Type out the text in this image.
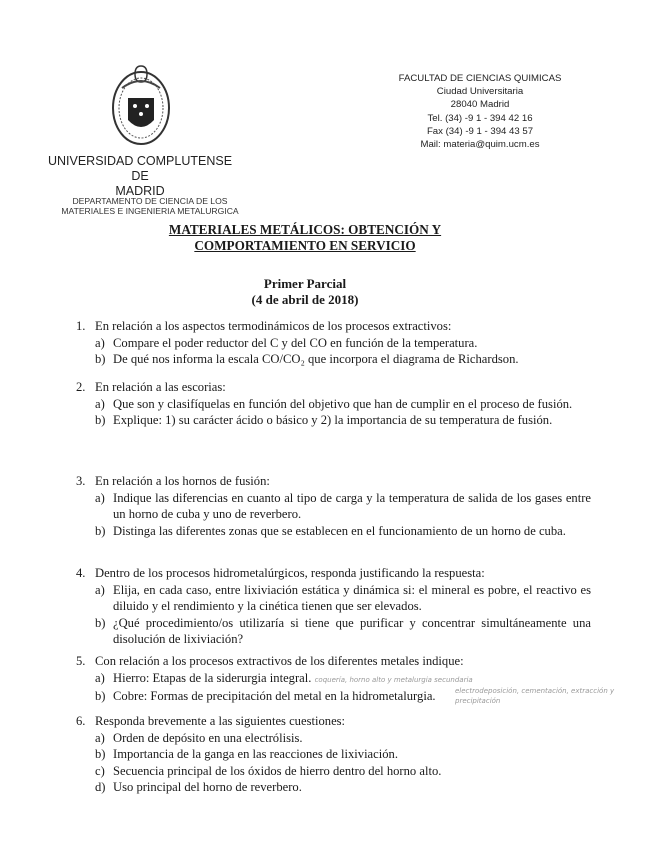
FACULTAD DE CIENCIAS QUIMICAS
Ciudad Universitaria
28040 Madrid
Tel. (34) -9 1 - 394 42 16
Fax (34) -9 1 - 394 43 57
Mail: materia@quim.ucm.es
UNIVERSIDAD COMPLUTENSE DE
MADRID
DEPARTAMENTO DE CIENCIA DE LOS
MATERIALES E INGENIERIA METALURGICA
MATERIALES METÁLICOS: OBTENCIÓN Y
COMPORTAMIENTO EN SERVICIO
Primer Parcial
(4 de abril de 2018)
1. En relación a los aspectos termodinámicos de los procesos extractivos:
a) Compare el poder reductor del C y del CO en función de la temperatura.
b) De qué nos informa la escala CO/CO₂ que incorpora el diagrama de Richardson.
2. En relación a las escorias:
a) Que son y clasifíquelas en función del objetivo que han de cumplir en el proceso de fusión.
b) Explique: 1) su carácter ácido o básico y 2) la importancia de su temperatura de fusión.
3. En relación a los hornos de fusión:
a) Indique las diferencias en cuanto al tipo de carga y la temperatura de salida de los gases entre un horno de cuba y uno de reverbero.
b) Distinga las diferentes zonas que se establecen en el funcionamiento de un horno de cuba.
4. Dentro de los procesos hidrometalúrgicos, responda justificando la respuesta:
a) Elija, en cada caso, entre lixiviación estática y dinámica si: el mineral es pobre, el reactivo es diluido y el rendimiento y la cinética tienen que ser elevados.
b) ¿Qué procedimiento/os utilizaría si tiene que purificar y concentrar simultáneamente una disolución de lixiviación?
5. Con relación a los procesos extractivos de los diferentes metales indique:
a) Hierro: Etapas de la siderurgia integral. coquería, horno alto y metalurgia secundaria
b) Cobre: Formas de precipitación del metal en la hidrometalurgia.	electrodeposición, cementación, extracción y precipitación
6. Responda brevemente a las siguientes cuestiones:
a) Orden de depósito en una electrólisis.
b) Importancia de la ganga en las reacciones de lixiviación.
c) Secuencia principal de los óxidos de hierro dentro del horno alto.
d) Uso principal del horno de reverbero.
